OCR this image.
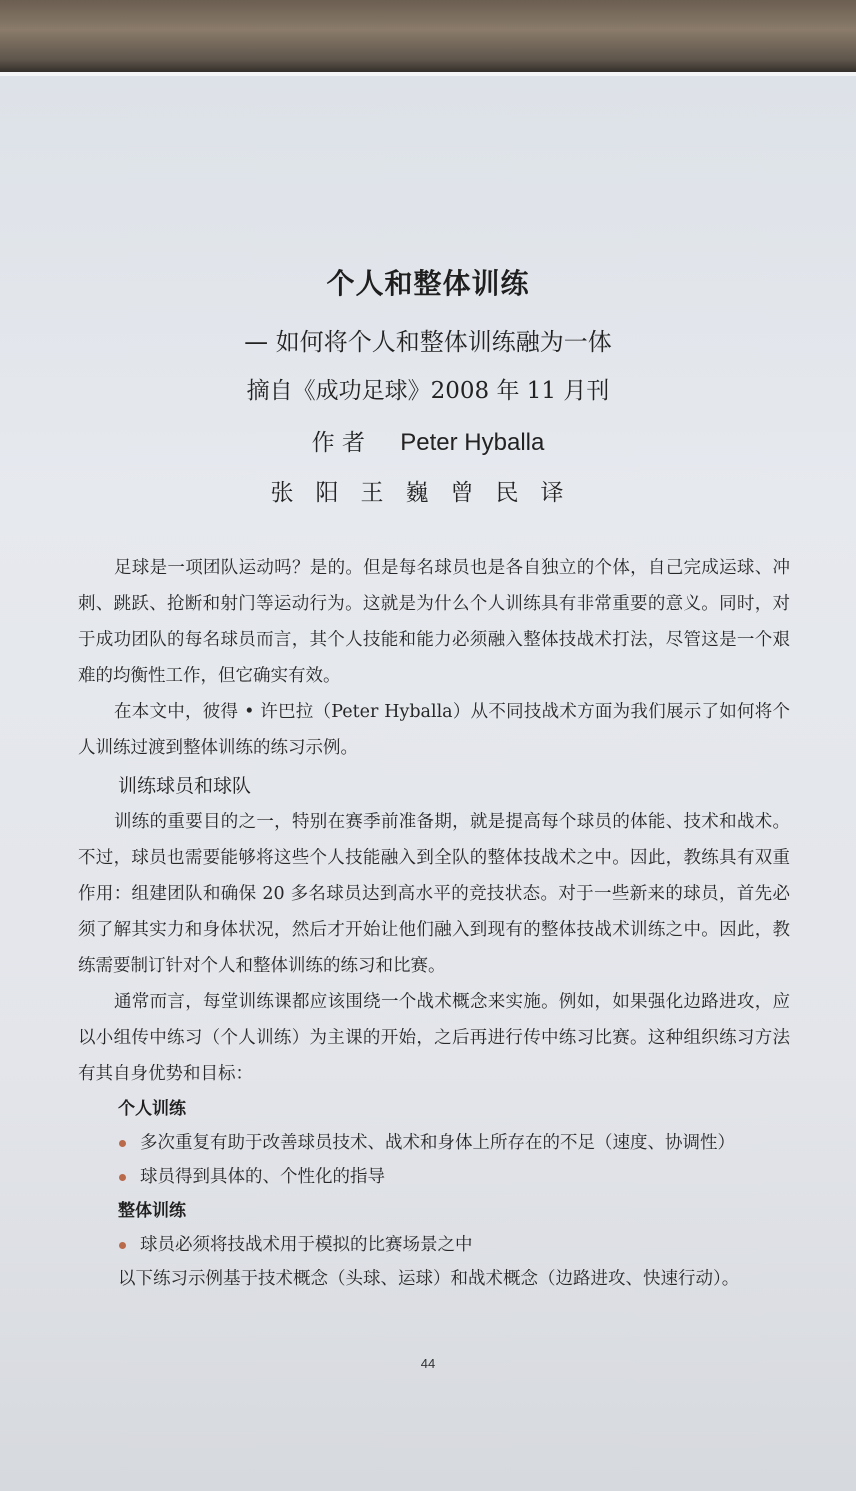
个人和整体训练
— 如何将个人和整体训练融为一体
摘自《成功足球》2008 年 11 月刊
作 者 Peter Hyballa
张阳王巍曾民译

足球是一项团队运动吗？是的。但是每名球员也是各自独立的个体，自己完成运球、冲刺、跳跃、抢断和射门等运动行为。这就是为什么个人训练具有非常重要的意义。同时，对于成功团队的每名球员而言，其个人技能和能力必须融入整体技战术打法，尽管这是一个艰难的均衡性工作，但它确实有效。

在本文中，彼得 • 许巴拉（Peter Hyballa）从不同技战术方面为我们展示了如何将个人训练过渡到整体训练的练习示例。

训练球员和球队

训练的重要目的之一，特别在赛季前准备期，就是提高每个球员的体能、技术和战术。不过，球员也需要能够将这些个人技能融入到全队的整体技战术之中。因此，教练具有双重作用：组建团队和确保 20 多名球员达到高水平的竞技状态。对于一些新来的球员，首先必须了解其实力和身体状况，然后才开始让他们融入到现有的整体技战术训练之中。因此，教练需要制订针对个人和整体训练的练习和比赛。

通常而言，每堂训练课都应该围绕一个战术概念来实施。例如，如果强化边路进攻，应以小组传中练习（个人训练）为主课的开始，之后再进行传中练习比赛。这种组织练习方法有其自身优势和目标：

个人训练
多次重复有助于改善球员技术、战术和身体上所存在的不足（速度、协调性）
球员得到具体的、个性化的指导
整体训练
球员必须将技战术用于模拟的比赛场景之中
以下练习示例基于技术概念（头球、运球）和战术概念（边路进攻、快速行动）。
44
